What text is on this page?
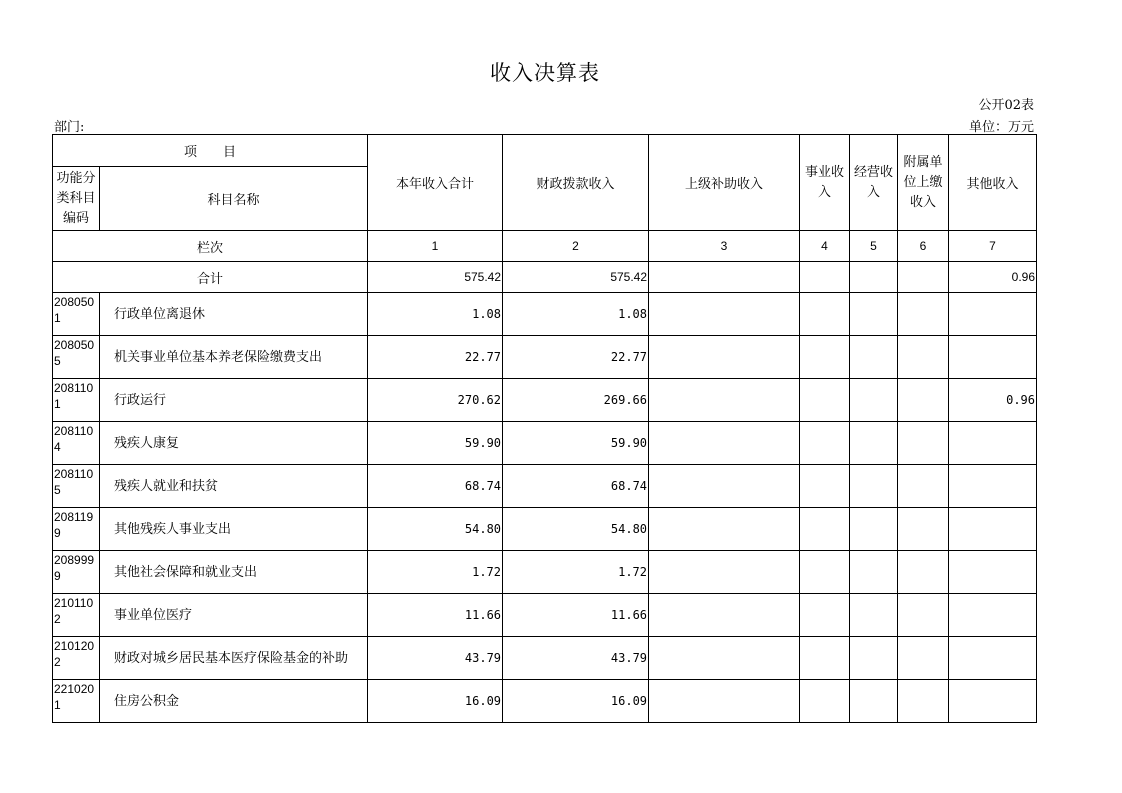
收入决算表
公开02表
部门:	单位：万元
项　　目		本年收入合计	财政拨款收入	上级补助收入	事业收入	经营收入	附属单位上缴收入	其他收入
功能分类科目编码	科目名称							
栏次		1	2	3	4	5	6	7
合计		575.42	575.42					0.96
2080501	行政单位离退休	1.08	1.08					
2080505	机关事业单位基本养老保险缴费支出	22.77	22.77					
2081101	行政运行	270.62	269.66					0.96
2081104	残疾人康复	59.90	59.90					
2081105	残疾人就业和扶贫	68.74	68.74					
2081199	其他残疾人事业支出	54.80	54.80					
2089999	其他社会保障和就业支出	1.72	1.72					
2101102	事业单位医疗	11.66	11.66					
2101202	财政对城乡居民基本医疗保险基金的补助	43.79	43.79					
2210201	住房公积金	16.09	16.09					
